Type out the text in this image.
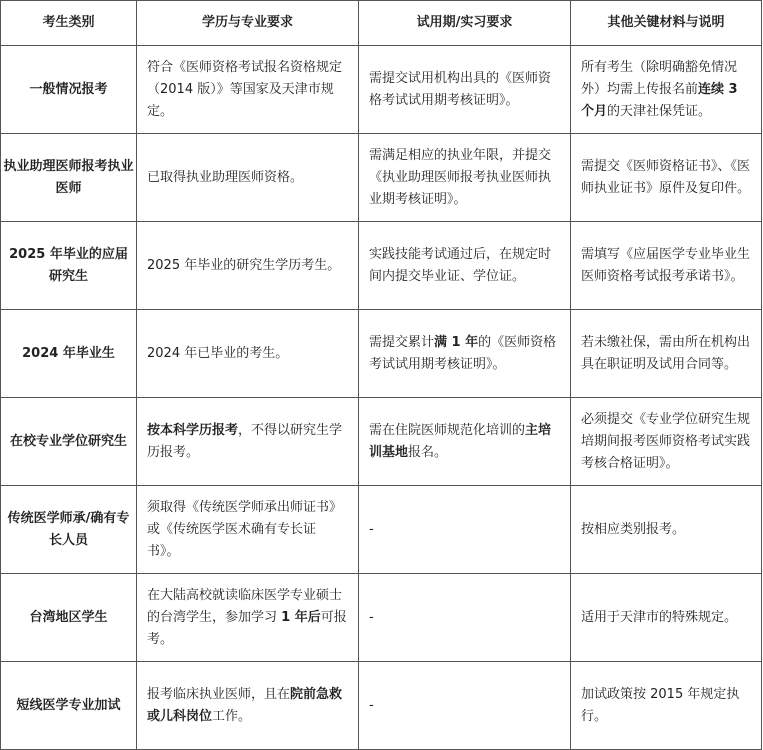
考生类别	学历与专业要求	试用期/实习要求	其他关键材料与说明
一般情况报考	符合《医师资格考试报名资格规定（2014 版）》等国家及天津市规定。	需提交试用机构出具的《医师资格考试试用期考核证明》。	所有考生（除明确豁免情况外）均需上传报名前连续 3 个月的天津社保凭证。
执业助理医师报考执业医师	已取得执业助理医师资格。	需满足相应的执业年限，并提交《执业助理医师报考执业医师执业期考核证明》。	需提交《医师资格证书》、《医师执业证书》原件及复印件。
2025 年毕业的应届研究生	2025 年毕业的研究生学历考生。	实践技能考试通过后，在规定时间内提交毕业证、学位证。	需填写《应届医学专业毕业生医师资格考试报考承诺书》。
2024 年毕业生	2024 年已毕业的考生。	需提交累计满 1 年的《医师资格考试试用期考核证明》。	若未缴社保，需由所在机构出具在职证明及试用合同等。
在校专业学位研究生	按本科学历报考，不得以研究生学历报考。	需在住院医师规范化培训的主培训基地报名。	必须提交《专业学位研究生规培期间报考医师资格考试实践考核合格证明》。
传统医学师承/确有专长人员	须取得《传统医学师承出师证书》或《传统医学医术确有专长证书》。	-	按相应类别报考。
台湾地区学生	在大陆高校就读临床医学专业硕士的台湾学生，参加学习 1 年后可报考。	-	适用于天津市的特殊规定。
短线医学专业加试	报考临床执业医师，且在院前急救或儿科岗位工作。	-	加试政策按 2015 年规定执行。
